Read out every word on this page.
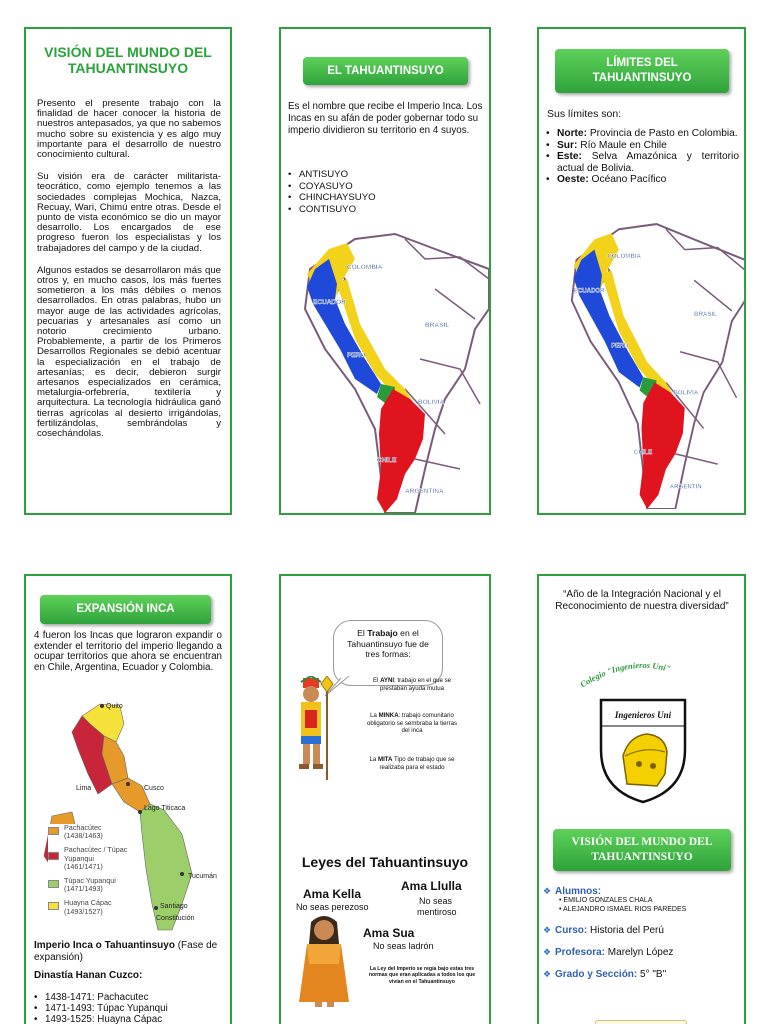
VISIÓN DEL MUNDO DEL
TAHUANTINSUYO

Presento el presente trabajo con la finalidad de hacer conocer la historia de nuestros antepasados, ya que no sabemos mucho sobre su existencia y es algo muy importante para el desarrollo de nuestro conocimiento cultural.

Su visión era de carácter militarista-teocrático, como ejemplo tenemos a las sociedades complejas Mochica, Nazca, Recuay, Wari, Chimú entre otras. Desde el punto de vista económico se dio un mayor desarrollo. Los encargados de ese progreso fueron los especialistas y los trabajadores del campo y de la ciudad.

Algunos estados se desarrollaron más que otros y, en mucho casos, los más fuertes sometieron a los más débiles o menos desarrollados. En otras palabras, hubo un mayor auge de las actividades agrícolas, pecuarias y artesanales así como un notorio crecimiento urbano. Probablemente, a partir de los Primeros Desarrollos Regionales se debió acentuar la especialización en el trabajo de artesanías; es decir, debieron surgir artesanos especializados en cerámica, metalurgia-orfebrería, textilería y arquitectura. La tecnología hidráulica ganó tierras agrícolas al desierto irrigándolas, fertilizándolas, sembrándolas y cosechándolas.

EL TAHUANTINSUYO

Es el nombre que recibe el Imperio Inca. Los Incas en su afán de poder gobernar todo su imperio dividieron su territorio en 4 suyos.

• ANTISUYO
• COYASUYO
• CHINCHAYSUYO
• CONTISUYO
COLOMBIA
ECUADOR
BRASIL
PERU
BOLIVIA
CHILE
ARGENTINA
LÍMITES DEL
TAHUANTINSUYO

Sus límites son:

• Norte: Provincia de Pasto en Colombia.
• Sur: Río Maule en Chile
• Este: Selva Amazónica y territorio actual de Bolivia.
• Oeste: Océano Pacífico
COLOMBIA
ECUADOR
BRASIL
PERU
BOLIVIA
CHILE
ARGENTIN
EXPANSIÓN INCA

4 fueron los Incas que lograron expandir o extender el territorio del imperio llegando a ocupar territorios que ahora se encuentran en Chile, Argentina, Ecuador y Colombia.

Quito
Lima	Cusco
Lago Titicaca
Tucumán
Santiago
Constitución
Pachacútec
(1438/1463)
Pachacútec / Túpac Yupanqui
(1461/1471)
Túpac Yupanqui
(1471/1493)
Huayna Cápac
(1493/1527)

Imperio Inca o Tahuantinsuyo (Fase de expansión)

Dinastía Hanan Cuzco:

• 1438-1471: Pachacutec
• 1471-1493: Túpac Yupanqui
• 1493-1525: Huayna Cápac

El Trabajo en el Tahuantinsuyo fue de tres formas:

El AYNI: trabajo en el que se prestaban ayuda mutua

La MINKA: trabajo comunitario obligatorio se sembraba la tierras del inca

La MITA Tipo de trabajo que se realizaba para el estado

Leyes del Tahuantinsuyo

Ama Kella

No seas perezoso

Ama Llulla

No seas

mentiroso

Ama Sua

No seas ladrón

La Ley del Imperio se regía bajo estas tres normas que eran aplicadas a todos los que vivían en el Tahuantinsuyo

“Año de la Integración Nacional y el Reconocimiento de nuestra diversidad”

Colegio "Ingenieros Uni"
Ingenieros Uni
VISIÓN DEL MUNDO DEL
TAHUANTINSUYO
❖ Alumnos:
• EMILIO GONZALES CHALA
• ALEJANDRO ISMAEL RIOS PAREDES
❖ Curso: Historia del Perú
❖ Profesora: Marelyn López
❖ Grado y Sección: 5° "B"
